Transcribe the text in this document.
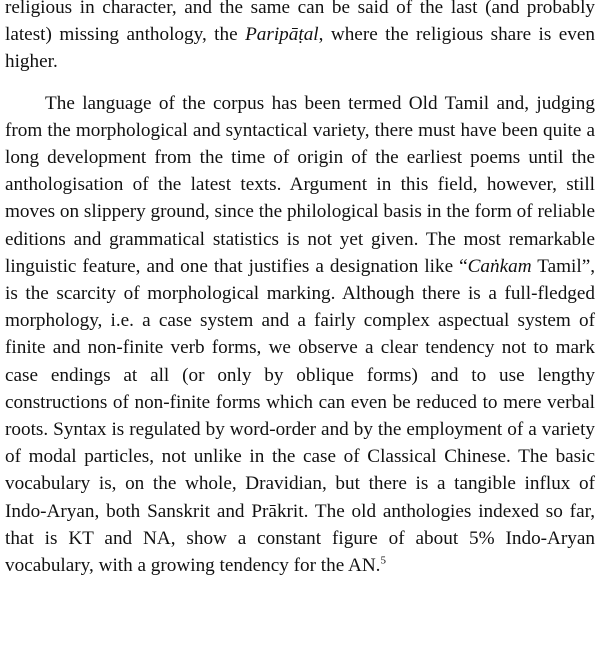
religious in character, and the same can be said of the last (and probably latest) missing anthology, the Paripāṭal, where the religious share is even higher.

The language of the corpus has been termed Old Tamil and, judging from the morphological and syntactical variety, there must have been quite a long development from the time of origin of the earliest poems until the anthologisation of the latest texts. Argument in this field, however, still moves on slippery ground, since the philological basis in the form of reliable editions and grammatical statistics is not yet given. The most remarkable linguistic feature, and one that justifies a designation like “Caṅkam Tamil”, is the scarcity of morphological marking. Although there is a full-fledged morphology, i.e. a case system and a fairly complex aspectual system of finite and non-finite verb forms, we observe a clear tendency not to mark case endings at all (or only by oblique forms) and to use lengthy constructions of non-finite forms which can even be reduced to mere verbal roots. Syntax is regulated by word-order and by the employment of a variety of modal particles, not unlike in the case of Classical Chinese. The basic vocabulary is, on the whole, Dravidian, but there is a tangible influx of Indo-Aryan, both Sanskrit and Prākrit. The old anthologies indexed so far, that is KT and NA, show a constant figure of about 5% Indo-Aryan vocabulary, with a growing tendency for the AN.$^5$
